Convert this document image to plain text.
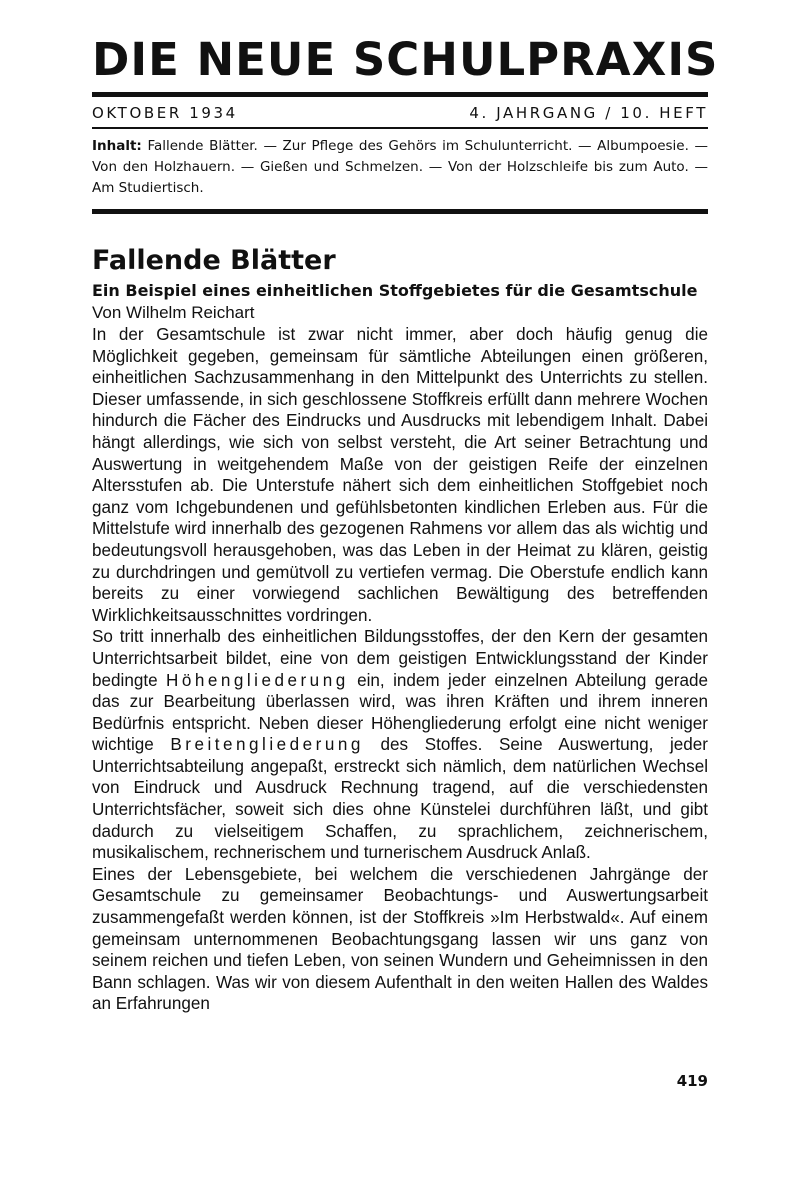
DIE NEUE SCHULPRAXIS
OKTOBER 1934	4. JAHRGANG / 10. HEFT
Inhalt: Fallende Blätter. — Zur Pflege des Gehörs im Schulunterricht. — Albumpoesie. — Von den Holzhauern. — Gießen und Schmelzen. — Von der Holzschleife bis zum Auto. — Am Studiertisch.
Fallende Blätter
Ein Beispiel eines einheitlichen Stoffgebietes für die Gesamtschule
Von Wilhelm Reichart

In der Gesamtschule ist zwar nicht immer, aber doch häufig genug die Möglichkeit gegeben, gemeinsam für sämtliche Abteilungen einen größeren, einheitlichen Sachzusammenhang in den Mittelpunkt des Unterrichts zu stellen. Dieser umfassende, in sich geschlossene Stoffkreis erfüllt dann mehrere Wochen hindurch die Fächer des Eindrucks und Ausdrucks mit lebendigem Inhalt. Dabei hängt allerdings, wie sich von selbst versteht, die Art seiner Betrachtung und Auswertung in weitgehendem Maße von der geistigen Reife der einzelnen Altersstufen ab. Die Unterstufe nähert sich dem einheitlichen Stoffgebiet noch ganz vom Ichgebundenen und gefühlsbetonten kindlichen Erleben aus. Für die Mittelstufe wird innerhalb des gezogenen Rahmens vor allem das als wichtig und bedeutungsvoll herausgehoben, was das Leben in der Heimat zu klären, geistig zu durchdringen und gemütvoll zu vertiefen vermag. Die Oberstufe endlich kann bereits zu einer vorwiegend sachlichen Bewältigung des betreffenden Wirklichkeitsausschnittes vordringen.

So tritt innerhalb des einheitlichen Bildungsstoffes, der den Kern der gesamten Unterrichtsarbeit bildet, eine von dem geistigen Entwicklungsstand der Kinder bedingte Höhengliederung ein, indem jeder einzelnen Abteilung gerade das zur Bearbeitung überlassen wird, was ihren Kräften und ihrem inneren Bedürfnis entspricht. Neben dieser Höhengliederung erfolgt eine nicht weniger wichtige Breitengliederung des Stoffes. Seine Auswertung, jeder Unterrichtsabteilung angepaßt, erstreckt sich nämlich, dem natürlichen Wechsel von Eindruck und Ausdruck Rechnung tragend, auf die verschiedensten Unterrichtsfächer, soweit sich dies ohne Künstelei durchführen läßt, und gibt dadurch zu vielseitigem Schaffen, zu sprachlichem, zeichnerischem, musikalischem, rechnerischem und turnerischem Ausdruck Anlaß.

Eines der Lebensgebiete, bei welchem die verschiedenen Jahrgänge der Gesamtschule zu gemeinsamer Beobachtungs- und Auswertungsarbeit zusammengefaßt werden können, ist der Stoffkreis »Im Herbstwald«. Auf einem gemeinsam unternommenen Beobachtungsgang lassen wir uns ganz von seinem reichen und tiefen Leben, von seinen Wundern und Geheimnissen in den Bann schlagen. Was wir von diesem Aufenthalt in den weiten Hallen des Waldes an Erfahrungen

419
